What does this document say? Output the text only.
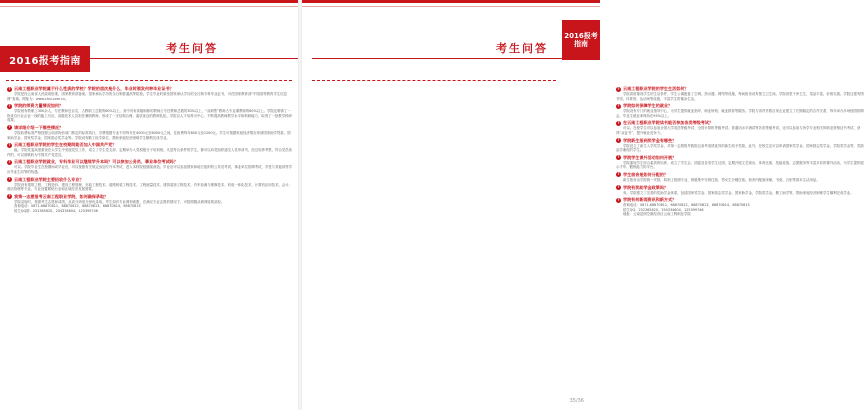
2016报考指南
考生问答
? 云南工程职业学院属于什么性质的学校？学院的层次是什么，毕业时颁发何种毕业证书？
学院是经云南省人民政府批准，国家教育部备案，国家承认学历的全日制普通高等院校。学生毕业时颁发国家承认学历的全日制专科毕业证书，可在国家教育部“中国高等教育学生信息网”查询。网址为：www.chsi.com.cn。
? 学院的师资力量情况如何？
学院现有教职工300余人，专任教师近百名，占教职工总数的60%以上。其中具有高级职称的教师占专任教师总数的30%以上，“双师型”教师占专业课教师的80%以上。学院还聘请了一批来自行业企业一线的能工巧匠、高级技术人员担任兼职教师，形成了一支结构合理、素质优良的教师队伍。学院以人才培养为中心，不断提高教师教学水平和科研能力，取得了一批教学科研成果。
? 请详细介绍一下哪些情况？
学院收费标准严格按照云南省物价部门核定的标准执行，学费根据专业不同每年在4000元至6000元之间，住宿费每年800元至1200元。学生可根据家庭经济情况申请国家助学贷款、国家助学金、国家奖学金、国家励志奖学金等。学院设有勤工俭学岗位，帮助家庭经济困难学生顺利完成学业。
? 云南工程职业学院的学生在校期间能否加入中国共产党？
能。学院党委高度重视在大学生中发展党员工作，成立了学生党支部，定期举办入党积极分子培训班。凡是符合条件的学生，都可以向党组织递交入党申请书，经过培养考察，符合党员条件的，可以被吸收为中国共产党党员。
? 云南工程职业学院就业，专科毕业可以继续学升本吗？可以参加公务员、事业单位考试吗？
可以。学院毕业生在校期间或毕业后，可以按照有关规定参加专升本考试，进入本科院校继续深造。毕业后可以参加国家和地方组织的公务员考试、事业单位招聘考试，享受与其他同等学历毕业生同等的待遇。
? 云南工程职业学院主要招收什么专业？
学院设有建筑工程、工程造价、建设工程管理、市政工程技术、道路桥梁工程技术、工程测量技术、建筑装饰工程技术、汽车检测与维修技术、机电一体化技术、计算机应用技术、会计、酒店管理等专业，专业设置紧贴行业和区域经济发展需要。
? 我第一志愿报考云南工程职业学院，如何确保录取？
学院录取时，按照考生志愿和成绩，从高分到低分择优录取。考生如有专业调剂意愿，在满足专业志愿的情况下，可按照服从调剂原则录取。
咨询电话：0871-68870811、68870812、68870813、68870814、68870815
招生QQ群：252365620、254334604、125399746
考生问答
2016报考指南
? 云南工程职业学院的学生生活如何？
学院高度重视学生的生活条件，学生公寓配备了空调、热水器、网络等设施，每间宿舍设有独立卫生间。学院食堂干净卫生，菜品丰富，价格实惠。学院还建有图书馆、体育馆、运动场等设施，丰富学生的课余生活。
? 学院如何保障学生的就业？
学院设有专门的就业指导中心，为学生提供就业指导、职业规划、就业推荐等服务。学院与省内外数百家企业建立了长期稳定的合作关系，每年举办多场校园招聘会，毕业生就业率保持在95%以上。
? 在云南工程职业学院读书能否参加各类等级考试？
可以。在校学生可以参加全国大学英语等级考试、全国计算机等级考试、普通话水平测试等各类等级考试，还可以参加与所学专业相关的职业资格证书考试，获得“双证书”，提升就业竞争力。
? 学院新生报到奖学金有哪些？
学院设立了新生入学奖学金，对第一志愿报考我院且高考成绩优异的新生给予奖励。此外，在校生还可以申请国家奖学金、国家励志奖学金、学院奖学金等，奖励品学兼优的学生。
? 学院学生课外活动如何开展？
学院重视学生综合素质的培养，成立了学生会、团委及各类学生社团，定期开展文艺演出、体育比赛、技能竞赛、志愿服务等丰富多彩的课外活动，为学生提供展示才华、锻炼能力的平台。
? 学生宿舍是如何分配的？
新生宿舍由学院统一安排，原则上按照专业、班级集中安排住宿，男女生分楼住宿。宿舍内配备床铺、书桌、衣柜等基本生活用品。
? 学院有奖助学金政策吗？
有。学院建立了完善的奖助学金体系，包括国家奖学金、国家励志奖学金、国家助学金、学院奖学金、勤工助学等，帮助家庭经济困难学生顺利完成学业。
? 学院有何新闻资讯和新方式？
咨询电话：0871-68870811、68870812、68870813、68870814、68870815
招生QQ：252365620、254334604、125399746
地址：云南昆明空港经济区云南工程职业学院
35/36
